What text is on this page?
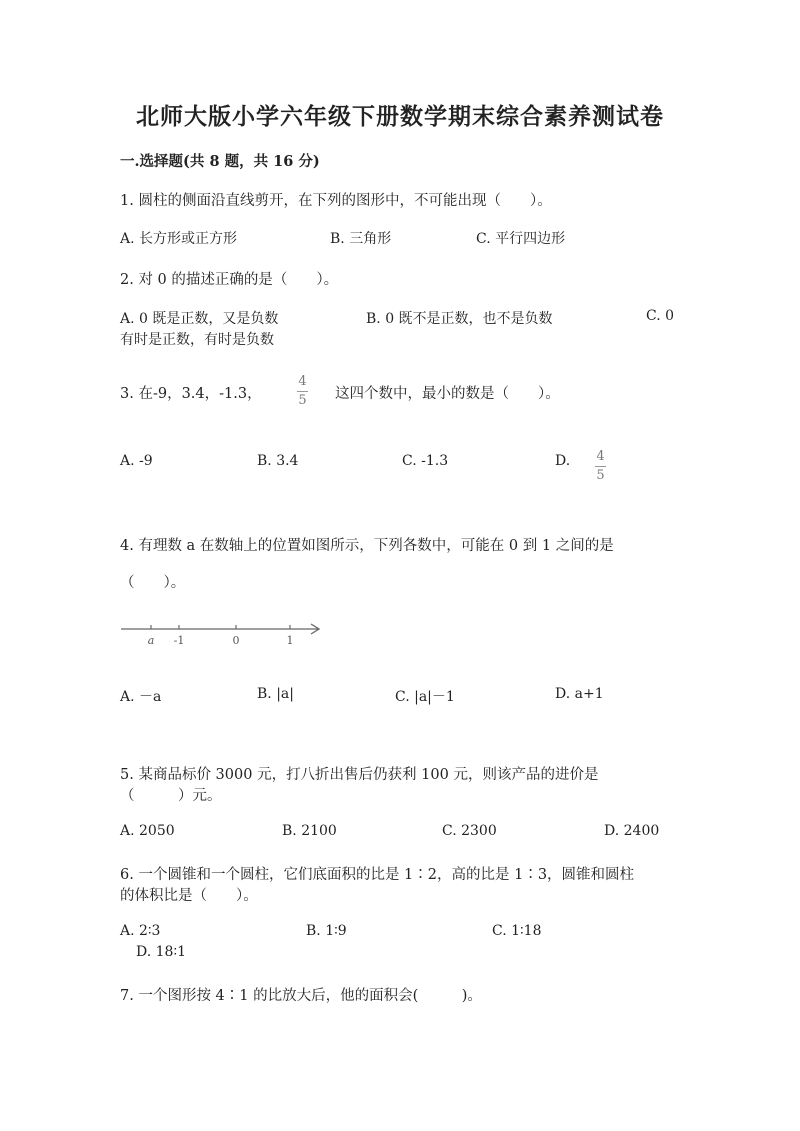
北师大版小学六年级下册数学期末综合素养测试卷
一.选择题(共 8 题，共 16 分)
1. 圆柱的侧面沿直线剪开，在下列的图形中，不可能出现（　　）。
A. 长方形或正方形	B. 三角形	C. 平行四边形
2. 对 0 的描述正确的是（　　）。
A. 0 既是正数，又是负数	B. 0 既不是正数，也不是负数	C. 0
有时是正数，有时是负数
3. 在-9，3.4，-1.3，
4
5 这四个数中，最小的数是（　　）。
A. -9	B. 3.4	C. -1.3	D. 4
5
4. 有理数 a 在数轴上的位置如图所示，下列各数中，可能在 0 到 1 之间的是
（　　）。
a -1	0	1
A. －a	B. |a|	C. |a|－1	D. a+1
5. 某商品标价 3000 元，打八折出售后仍获利 100 元，则该产品的进价是
（　　　）元。
A. 2050	B. 2100	C. 2300	D. 2400
6. 一个圆锥和一个圆柱，它们底面积的比是 1∶2，高的比是 1∶3，圆锥和圆柱
的体积比是（　　）。
A. 2∶3	B. 1∶9	C. 1∶18
D. 18∶1
7. 一个图形按 4∶1 的比放大后，他的面积会(　　　)。
